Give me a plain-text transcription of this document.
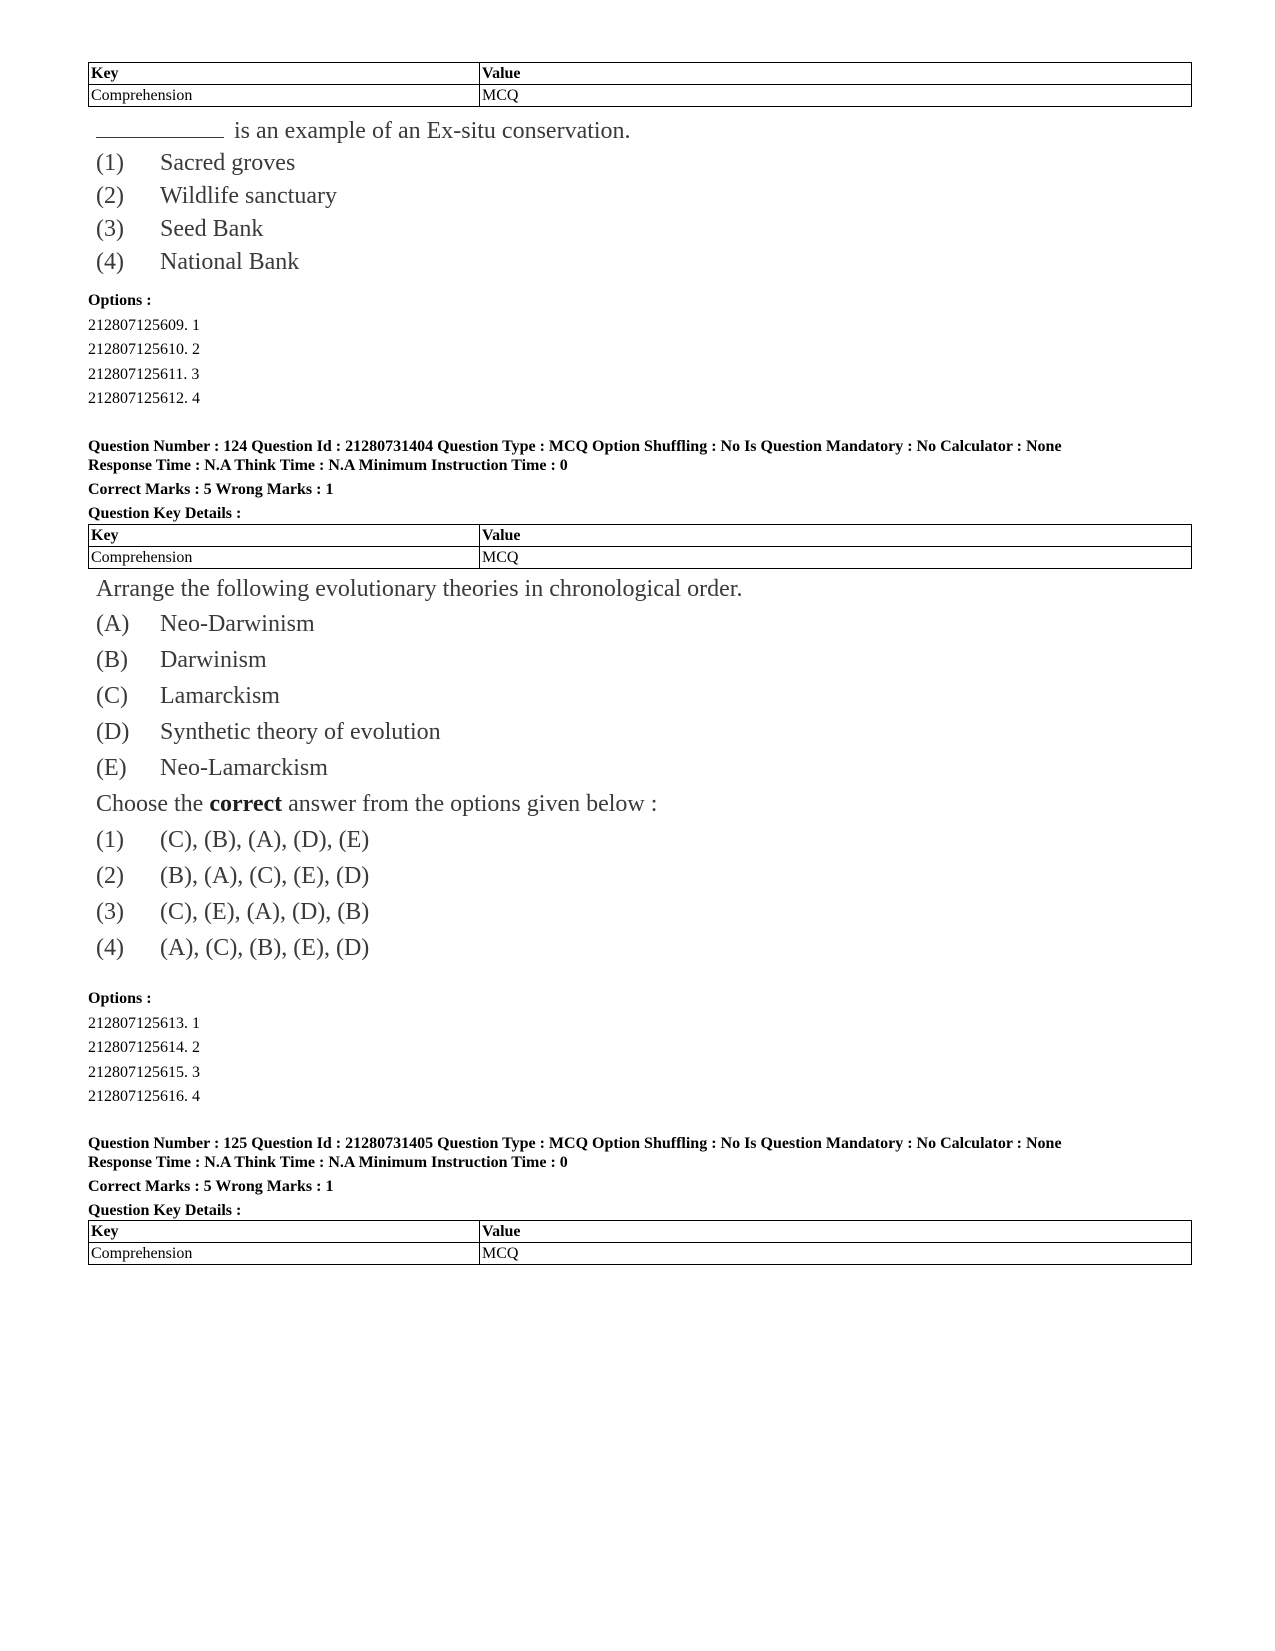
Key	Value
Comprehension	MCQ
is an example of an Ex-situ conservation.
(1)	Sacred groves
(2)	Wildlife sanctuary
(3)	Seed Bank
(4)	National Bank
Options :
212807125609. 1
212807125610. 2
212807125611. 3
212807125612. 4
Question Number : 124 Question Id : 21280731404 Question Type : MCQ Option Shuffling : No Is Question Mandatory : No Calculator : None
Response Time : N.A Think Time : N.A Minimum Instruction Time : 0
Correct Marks : 5 Wrong Marks : 1
Question Key Details :
Key	Value
Comprehension	MCQ
Arrange the following evolutionary theories in chronological order.
(A)	Neo-Darwinism
(B)	Darwinism
(C)	Lamarckism
(D)	Synthetic theory of evolution
(E)	Neo-Lamarckism
Choose the correct answer from the options given below :
(1)	(C), (B), (A), (D), (E)
(2)	(B), (A), (C), (E), (D)
(3)	(C), (E), (A), (D), (B)
(4)	(A), (C), (B), (E), (D)
Options :
212807125613. 1
212807125614. 2
212807125615. 3
212807125616. 4
Question Number : 125 Question Id : 21280731405 Question Type : MCQ Option Shuffling : No Is Question Mandatory : No Calculator : None
Response Time : N.A Think Time : N.A Minimum Instruction Time : 0
Correct Marks : 5 Wrong Marks : 1
Question Key Details :
Key	Value
Comprehension	MCQ
